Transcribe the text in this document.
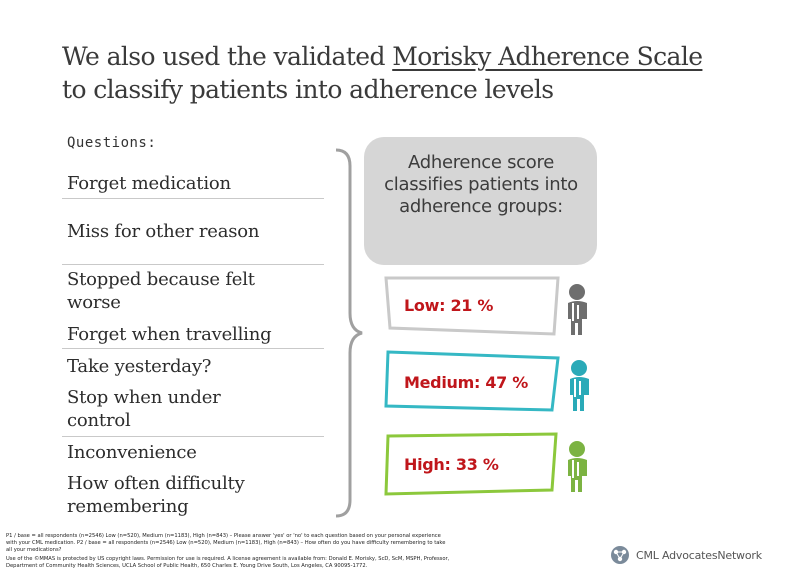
We also used the validated Morisky Adherence Scale
to classify patients into adherence levels
Questions:
Forget medication
Miss for other reason
Stopped because felt worse
Forget when travelling
Take yesterday?
Stop when under control
Inconvenience
How often difficulty remembering
Adherence score classifies patients into adherence groups:
Low: 21 %
Medium: 47 %
High: 33 %
P1 / base = all respondents (n=2546) Low (n=520), Medium (n=1183), High (n=843) – Please answer 'yes' or 'no' to each question based on your personal experience
with your CML medication. P2 / base = all respondents (n=2546) Low (n=520), Medium (n=1183), High (n=843) – How often do you have difficulty remembering to take
all your medications?
Use of the ©MMAS is protected by US copyright laws. Permission for use is required. A license agreement is available from: Donald E. Morisky, ScD, ScM, MSPH, Professor,
Department of Community Health Sciences, UCLA School of Public Health, 650 Charles E. Young Drive South, Los Angeles, CA 90095-1772.
CML AdvocatesNetwork
